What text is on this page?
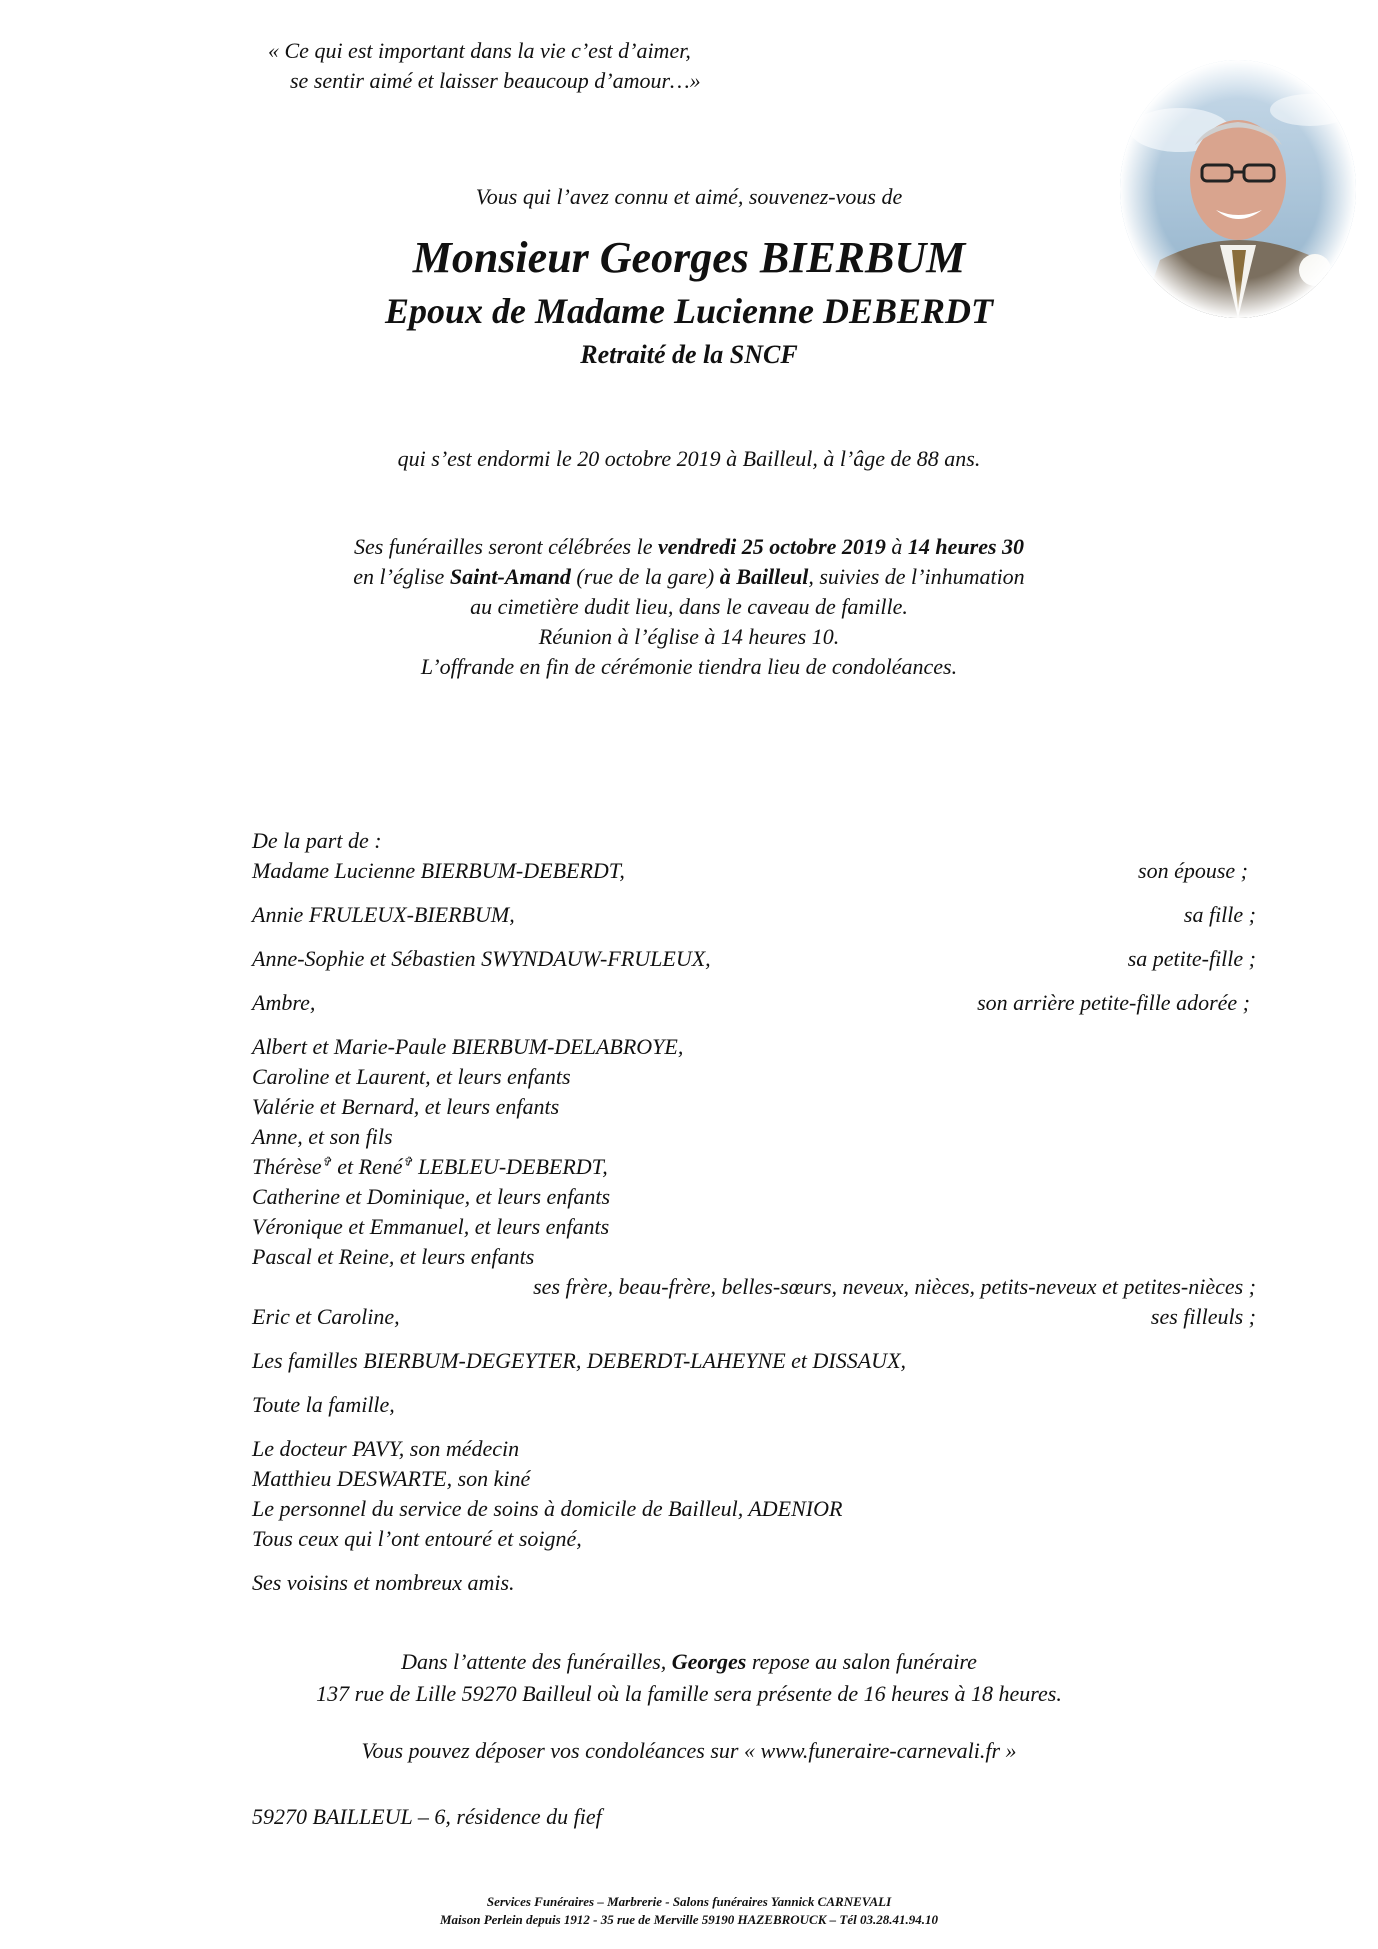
« Ce qui est important dans la vie c’est d’aimer,
se sentir aimé et laisser beaucoup d’amour…»
Vous qui l’avez connu et aimé, souvenez-vous de
Monsieur Georges BIERBUM
Epoux de Madame Lucienne DEBERDT
Retraité de la SNCF
qui s’est endormi le 20 octobre 2019 à Bailleul, à l’âge de 88 ans.
Ses funérailles seront célébrées le vendredi 25 octobre 2019 à 14 heures 30
en l’église Saint-Amand (rue de la gare) à Bailleul, suivies de l’inhumation
au cimetière dudit lieu, dans le caveau de famille.
Réunion à l’église à 14 heures 10.
L’offrande en fin de cérémonie tiendra lieu de condoléances.
De la part de :
Madame Lucienne BIERBUM-DEBERDT,	son épouse ;
Annie FRULEUX-BIERBUM,	sa fille ;
Anne-Sophie et Sébastien SWYNDAUW-FRULEUX,	sa petite-fille ;
Ambre,	son arrière petite-fille adorée ;
Albert et Marie-Paule BIERBUM-DELABROYE,
Caroline et Laurent, et leurs enfants
Valérie et Bernard, et leurs enfants
Anne, et son fils
Thérèse✞ et René✞ LEBLEU-DEBERDT,
Catherine et Dominique, et leurs enfants
Véronique et Emmanuel, et leurs enfants
Pascal et Reine, et leurs enfants
ses frère, beau-frère, belles-sœurs, neveux, nièces, petits-neveux et petites-nièces ;
Eric et Caroline,	ses filleuls ;
Les familles BIERBUM-DEGEYTER, DEBERDT-LAHEYNE et DISSAUX,
Toute la famille,
Le docteur PAVY, son médecin
Matthieu DESWARTE, son kiné
Le personnel du service de soins à domicile de Bailleul, ADENIOR
Tous ceux qui l’ont entouré et soigné,
Ses voisins et nombreux amis.
Dans l’attente des funérailles, Georges repose au salon funéraire
137 rue de Lille 59270 Bailleul où la famille sera présente de 16 heures à 18 heures.
Vous pouvez déposer vos condoléances sur « www.funeraire-carnevali.fr »
59270 BAILLEUL – 6, résidence du fief
Services Funéraires – Marbrerie - Salons funéraires Yannick CARNEVALI
Maison Perlein depuis 1912 - 35 rue de Merville 59190 HAZEBROUCK – Tél 03.28.41.94.10
